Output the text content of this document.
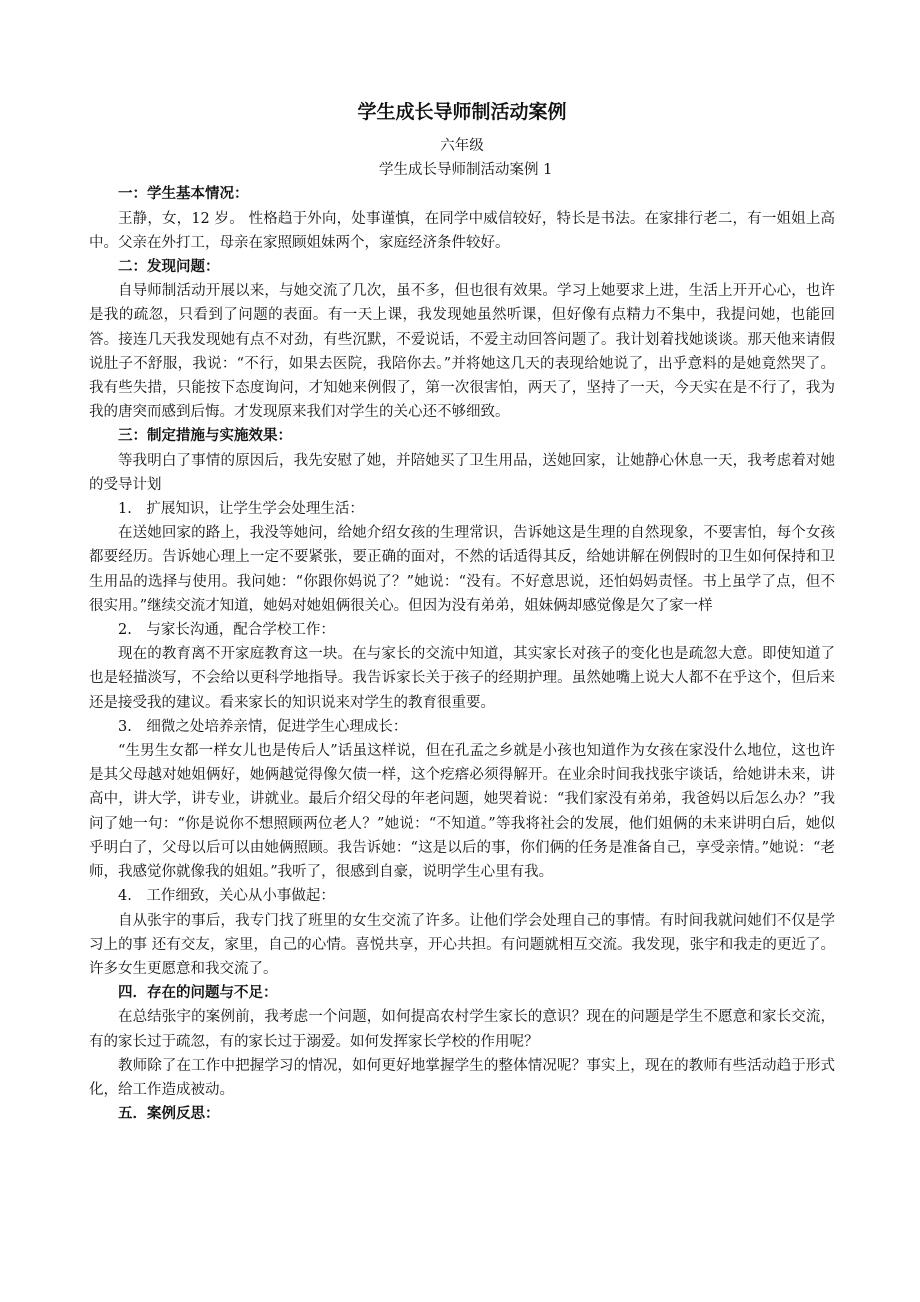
学生成长导师制活动案例

六年级

学生成长导师制活动案例 1

一：学生基本情况：

王静，女，12 岁。 性格趋于外向，处事谨慎，在同学中威信较好，特长是书法。在家排行老二，有一姐姐上高中。父亲在外打工，母亲在家照顾姐妹两个，家庭经济条件较好。

二：发现问题：

自导师制活动开展以来，与她交流了几次，虽不多，但也很有效果。学习上她要求上进，生活上开开心心，也许是我的疏忽，只看到了问题的表面。有一天上课，我发现她虽然听课，但好像有点精力不集中，我提问她，也能回答。接连几天我发现她有点不对劲，有些沉默，不爱说话，不爱主动回答问题了。我计划着找她谈谈。那天他来请假说肚子不舒服，我说：“不行，如果去医院，我陪你去。”并将她这几天的表现给她说了，出乎意料的是她竟然哭了。我有些失措，只能按下态度询问，才知她来例假了，第一次很害怕，两天了，坚持了一天，今天实在是不行了，我为我的唐突而感到后悔。才发现原来我们对学生的关心还不够细致。

三：制定措施与实施效果：

等我明白了事情的原因后，我先安慰了她，并陪她买了卫生用品，送她回家，让她静心休息一天，我考虑着对她的受导计划

1.　扩展知识，让学生学会处理生活：

在送她回家的路上，我没等她问，给她介绍女孩的生理常识，告诉她这是生理的自然现象，不要害怕，每个女孩都要经历。告诉她心理上一定不要紧张，要正确的面对，不然的话适得其反，给她讲解在例假时的卫生如何保持和卫生用品的选择与使用。我问她：“你跟你妈说了？”她说：“没有。不好意思说，还怕妈妈责怪。书上虽学了点，但不很实用。”继续交流才知道，她妈对她姐俩很关心。但因为没有弟弟，姐妹俩却感觉像是欠了家一样

2.　与家长沟通，配合学校工作：

现在的教育离不开家庭教育这一块。在与家长的交流中知道，其实家长对孩子的变化也是疏忽大意。即使知道了也是轻描淡写，不会给以更科学地指导。我告诉家长关于孩子的经期护理。虽然她嘴上说大人都不在乎这个，但后来还是接受我的建议。看来家长的知识说来对学生的教育很重要。

3.　细微之处培养亲情，促进学生心理成长：

“生男生女都一样女儿也是传后人”话虽这样说，但在孔孟之乡就是小孩也知道作为女孩在家没什么地位，这也许是其父母越对她姐俩好，她俩越觉得像欠债一样，这个疙瘩必须得解开。在业余时间我找张宇谈话，给她讲未来，讲高中，讲大学，讲专业，讲就业。最后介绍父母的年老问题，她哭着说：“我们家没有弟弟，我爸妈以后怎么办？”我问了她一句：“你是说你不想照顾两位老人？”她说：“不知道。”等我将社会的发展，他们姐俩的未来讲明白后，她似乎明白了，父母以后可以由她俩照顾。我告诉她：“这是以后的事，你们俩的任务是准备自己，享受亲情。”她说：“老师，我感觉你就像我的姐姐。”我听了，很感到自豪，说明学生心里有我。

4.　工作细致，关心从小事做起：

自从张宇的事后，我专门找了班里的女生交流了许多。让他们学会处理自己的事情。有时间我就问她们不仅是学习上的事 还有交友，家里，自己的心情。喜悦共享，开心共担。有问题就相互交流。我发现，张宇和我走的更近了。许多女生更愿意和我交流了。

四．存在的问题与不足：

在总结张宇的案例前，我考虑一个问题，如何提高农村学生家长的意识？现在的问题是学生不愿意和家长交流，有的家长过于疏忽，有的家长过于溺爱。如何发挥家长学校的作用呢？

教师除了在工作中把握学习的情况，如何更好地掌握学生的整体情况呢？事实上，现在的教师有些活动趋于形式化，给工作造成被动。

五．案例反思：
